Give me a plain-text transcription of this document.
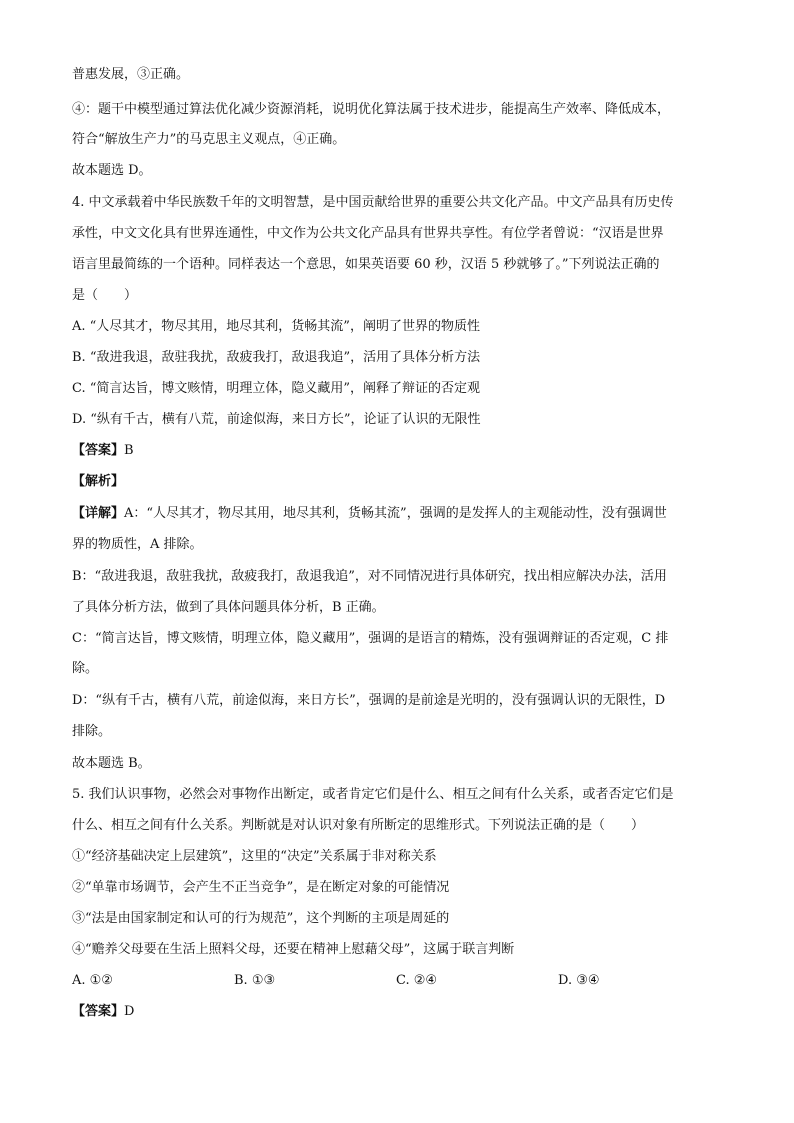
普惠发展，③正确。
④：题干中模型通过算法优化减少资源消耗，说明优化算法属于技术进步，能提高生产效率、降低成本，
符合“解放生产力”的马克思主义观点，④正确。
故本题选 D。
4. 中文承载着中华民族数千年的文明智慧，是中国贡献给世界的重要公共文化产品。中文产品具有历史传
承性，中文文化具有世界连通性，中文作为公共文化产品具有世界共享性。有位学者曾说：“汉语是世界
语言里最简练的一个语种。同样表达一个意思，如果英语要 60 秒，汉语 5 秒就够了。”下列说法正确的
是（　　）
A. “人尽其才，物尽其用，地尽其利，货畅其流”，阐明了世界的物质性
B. “敌进我退，敌驻我扰，敌疲我打，敌退我追”，活用了具体分析方法
C. “简言达旨，博文赅情，明理立体，隐义藏用”，阐释了辩证的否定观
D. “纵有千古，横有八荒，前途似海，来日方长”，论证了认识的无限性
【答案】B
【解析】
【详解】A：“人尽其才，物尽其用，地尽其利，货畅其流”，强调的是发挥人的主观能动性，没有强调世
界的物质性，A 排除。
B：“敌进我退，敌驻我扰，敌疲我打，敌退我追”，对不同情况进行具体研究，找出相应解决办法，活用
了具体分析方法，做到了具体问题具体分析，B 正确。
C：“简言达旨，博文赅情，明理立体，隐义藏用”，强调的是语言的精炼，没有强调辩证的否定观，C 排
除。
D：“纵有千古，横有八荒，前途似海，来日方长”，强调的是前途是光明的，没有强调认识的无限性，D
排除。
故本题选 B。
5. 我们认识事物，必然会对事物作出断定，或者肯定它们是什么、相互之间有什么关系，或者否定它们是
什么、相互之间有什么关系。判断就是对认识对象有所断定的思维形式。下列说法正确的是（　　）
①“经济基础决定上层建筑”，这里的“决定”关系属于非对称关系
②“单靠市场调节，会产生不正当竞争”，是在断定对象的可能情况
③“法是由国家制定和认可的行为规范”，这个判断的主项是周延的
④“赡养父母要在生活上照料父母，还要在精神上慰藉父母”，这属于联言判断
A. ①②	B. ①③	C. ②④	D. ③④
【答案】D
